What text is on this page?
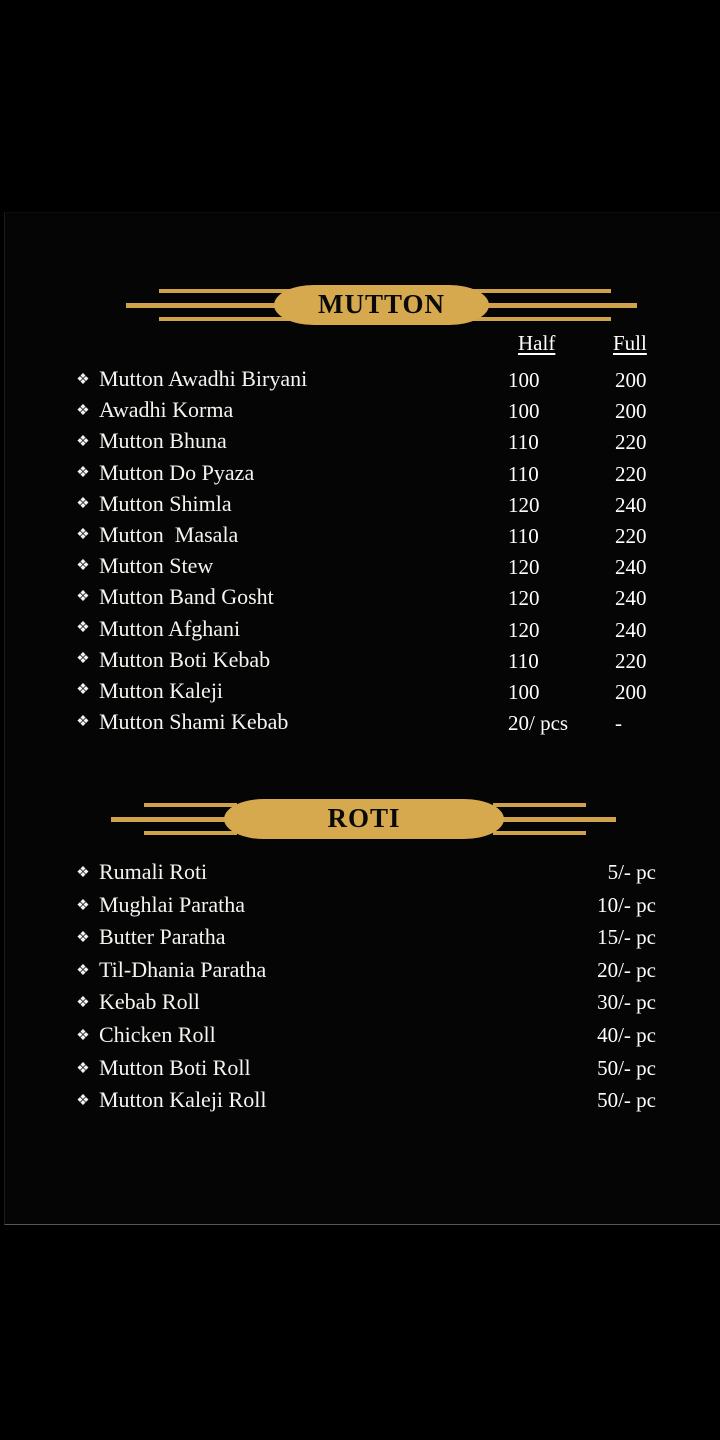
MUTTON
Half	Full
❖
❖
❖
❖
❖
❖
❖
❖
❖
❖
❖
❖
Mutton Awadhi Biryani
Awadhi Korma
Mutton Bhuna
Mutton Do Pyaza
Mutton Shimla
Mutton  Masala
Mutton Stew
Mutton Band Gosht
Mutton Afghani
Mutton Boti Kebab
Mutton Kaleji
Mutton Shami Kebab
100
100
110
110
120
110
120
120
120
110
100
20/ pcs
200
200
220
220
240
220
240
240
240
220
200
-
ROTI
❖
❖
❖
❖
❖
❖
❖
❖
Rumali Roti
Mughlai Paratha
Butter Paratha
Til-Dhania Paratha
Kebab Roll
Chicken Roll
Mutton Boti Roll
Mutton Kaleji Roll
5/- pc
10/- pc
15/- pc
20/- pc
30/- pc
40/- pc
50/- pc
50/- pc
